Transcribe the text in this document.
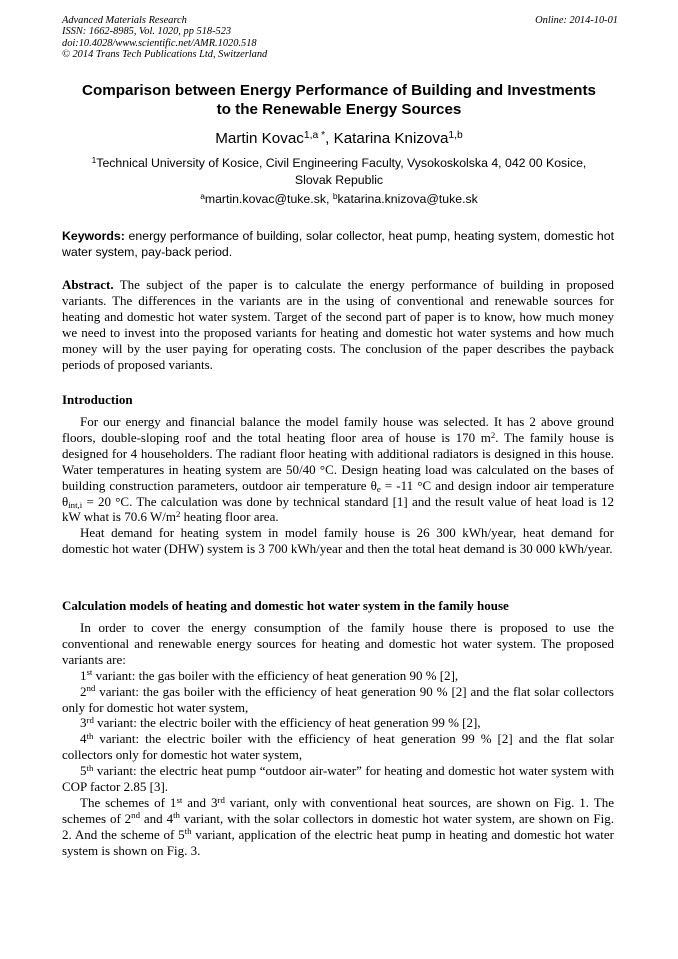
Advanced Materials Research
ISSN: 1662-8985, Vol. 1020, pp 518-523
doi:10.4028/www.scientific.net/AMR.1020.518
© 2014 Trans Tech Publications Ltd, Switzerland
Online: 2014-10-01
Comparison between Energy Performance of Building and Investments
to the Renewable Energy Sources
Martin Kovac$^{1,a *}$, Katarina Knizova$^{1,b}$
$^1$Technical University of Kosice, Civil Engineering Faculty, Vysokoskolska 4, 042 00 Kosice,
Slovak Republic
$^a$martin.kovac@tuke.sk, $^b$katarina.knizova@tuke.sk
Keywords: energy performance of building, solar collector, heat pump, heating system, domestic hot water system, pay-back period.
Abstract. The subject of the paper is to calculate the energy performance of building in proposed variants. The differences in the variants are in the using of conventional and renewable sources for heating and domestic hot water system. Target of the second part of paper is to know, how much money we need to invest into the proposed variants for heating and domestic hot water systems and how much money will by the user paying for operating costs. The conclusion of the paper describes the payback periods of proposed variants.
Introduction

For our energy and financial balance the model family house was selected. It has 2 above ground floors, double-sloping roof and the total heating floor area of house is 170 $m^2$. The family house is designed for 4 householders. The radiant floor heating with additional radiators is designed in this house. Water temperatures in heating system are 50/40 °C. Design heating load was calculated on the bases of building construction parameters, outdoor air temperature $\theta_e = -11$ °C and design indoor air temperature $\theta_{int,i} = 20$ °C. The calculation was done by technical standard [1] and the result value of heat load is 12 kW what is 70.6 $W/m^2$ heating floor area.

Heat demand for heating system in model family house is 26 300 kWh/year, heat demand for domestic hot water (DHW) system is 3 700 kWh/year and then the total heat demand is 30 000 kWh/year.

Calculation models of heating and domestic hot water system in the family house

In order to cover the energy consumption of the family house there is proposed to use the conventional and renewable energy sources for heating and domestic hot water system. The proposed variants are:

1st variant: the gas boiler with the efficiency of heat generation 90 % [2],

2nd variant: the gas boiler with the efficiency of heat generation 90 % [2] and the flat solar collectors only for domestic hot water system,

3rd variant: the electric boiler with the efficiency of heat generation 99 % [2],

4th variant: the electric boiler with the efficiency of heat generation 99 % [2] and the flat solar collectors only for domestic hot water system,

5th variant: the electric heat pump “outdoor air-water” for heating and domestic hot water system with COP factor 2.85 [3].

The schemes of 1st and 3rd variant, only with conventional heat sources, are shown on Fig. 1. The schemes of 2nd and 4th variant, with the solar collectors in domestic hot water system, are shown on Fig. 2. And the scheme of 5th variant, application of the electric heat pump in heating and domestic hot water system is shown on Fig. 3.
